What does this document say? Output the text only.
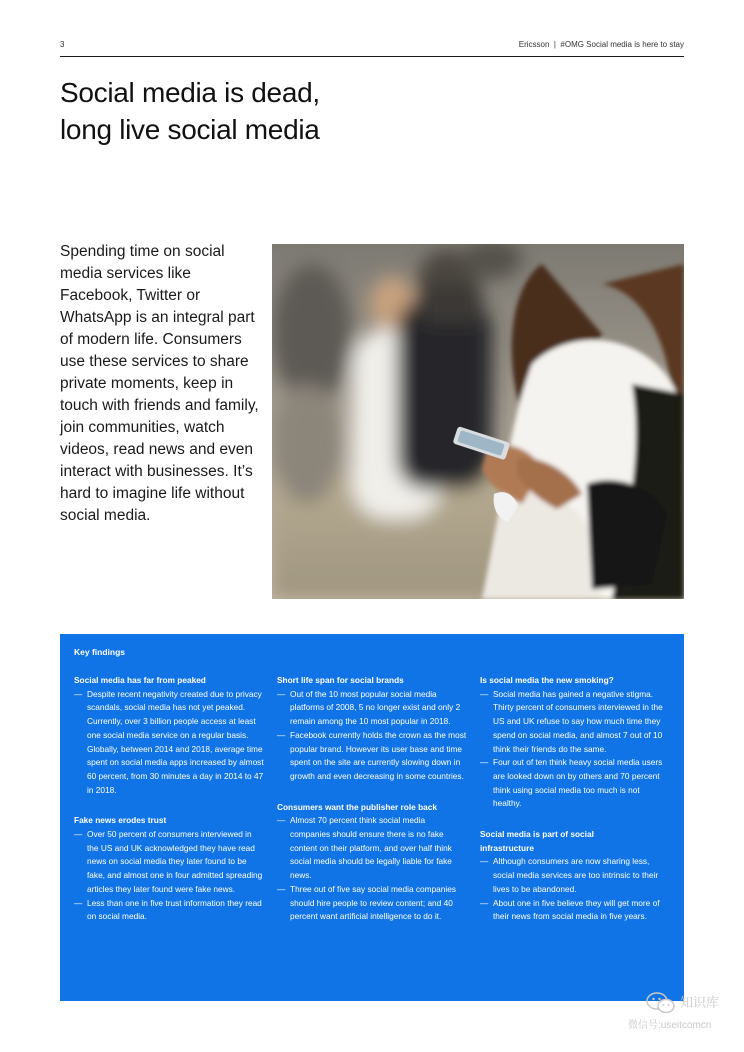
3	Ericsson  |  #OMG Social media is here to stay
Social media is dead,
long live social media

Spending time on social media services like Facebook, Twitter or WhatsApp is an integral part of modern life. Consumers use these services to share private moments, keep in touch with friends and family, join communities, watch videos, read news and even interact with businesses. It’s hard to imagine life without social media.

Key findings
Social media has far from peaked
— Despite recent negativity created due to privacy scandals, social media has not yet peaked. Currently, over 3 billion people access at least one social media service on a regular basis. Globally, between 2014 and 2018, average time spent on social media apps increased by almost 60 percent, from 30 minutes a day in 2014 to 47 in 2018.
Fake news erodes trust
— Over 50 percent of consumers interviewed in the US and UK acknowledged they have read news on social media they later found to be fake, and almost one in four admitted spreading articles they later found were fake news.
— Less than one in five trust information they read on social media.
Short life span for social brands
— Out of the 10 most popular social media platforms of 2008, 5 no longer exist and only 2 remain among the 10 most popular in 2018.
— Facebook currently holds the crown as the most popular brand. However its user base and time spent on the site are currently slowing down in growth and even decreasing in some countries.
Consumers want the publisher role back
— Almost 70 percent think social media companies should ensure there is no fake content on their platform, and over half think social media should be legally liable for fake news.
— Three out of five say social media companies should hire people to review content; and 40 percent want artificial intelligence to do it.
Is social media the new smoking?
— Social media has gained a negative stigma. Thirty percent of consumers interviewed in the US and UK refuse to say how much time they spend on social media, and almost 7 out of 10 think their friends do the same.
— Four out of ten think heavy social media users are looked down on by others and 70 percent think using social media too much is not healthy.
Social media is part of social infrastructure
— Although consumers are now sharing less, social media services are too intrinsic to their lives to be abandoned.
— About one in five believe they will get more of their news from social media in five years.
知识库
微信号:useitcomcn
